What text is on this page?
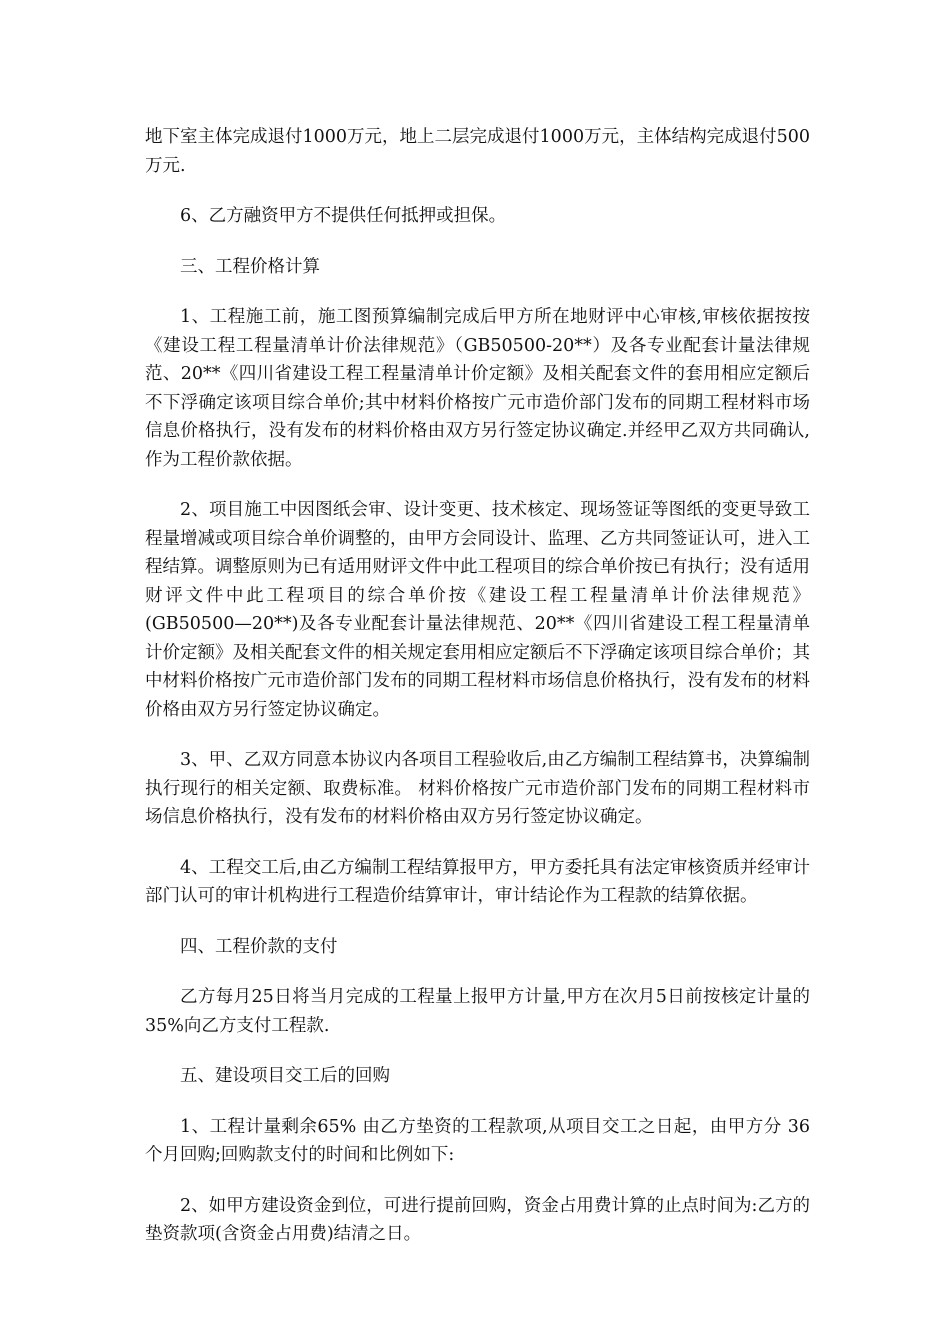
地下室主体完成退付1000万元，地上二层完成退付1000万元，主体结构完成退付500万元.

6、乙方融资甲方不提供任何抵押或担保。

三、工程价格计算

1、工程施工前，施工图预算编制完成后甲方所在地财评中心审核,审核依据按按《建设工程工程量清单计价法律规范》（GB50500-20**）及各专业配套计量法律规范、20**《四川省建设工程工程量清单计价定额》及相关配套文件的套用相应定额后不下浮确定该项目综合单价;其中材料价格按广元市造价部门发布的同期工程材料市场信息价格执行，没有发布的材料价格由双方另行签定协议确定.并经甲乙双方共同确认,作为工程价款依据。

2、项目施工中因图纸会审、设计变更、技术核定、现场签证等图纸的变更导致工程量增减或项目综合单价调整的，由甲方会同设计、监理、乙方共同签证认可，进入工程结算。调整原则为已有适用财评文件中此工程项目的综合单价按已有执行；没有适用财评文件中此工程项目的综合单价按《建设工程工程量清单计价法律规范》(GB50500—20**)及各专业配套计量法律规范、20**《四川省建设工程工程量清单计价定额》及相关配套文件的相关规定套用相应定额后不下浮确定该项目综合单价；其中材料价格按广元市造价部门发布的同期工程材料市场信息价格执行，没有发布的材料价格由双方另行签定协议确定。

3、甲、乙双方同意本协议内各项目工程验收后,由乙方编制工程结算书，决算编制执行现行的相关定额、取费标准。 材料价格按广元市造价部门发布的同期工程材料市场信息价格执行，没有发布的材料价格由双方另行签定协议确定。

4、工程交工后,由乙方编制工程结算报甲方，甲方委托具有法定审核资质并经审计部门认可的审计机构进行工程造价结算审计，审计结论作为工程款的结算依据。

四、工程价款的支付

乙方每月25日将当月完成的工程量上报甲方计量,甲方在次月5日前按核定计量的35%向乙方支付工程款.

五、建设项目交工后的回购

1、工程计量剩余65% 由乙方垫资的工程款项,从项目交工之日起，由甲方分 36个月回购;回购款支付的时间和比例如下:

2、如甲方建设资金到位，可进行提前回购，资金占用费计算的止点时间为:乙方的垫资款项(含资金占用费)结清之日。
